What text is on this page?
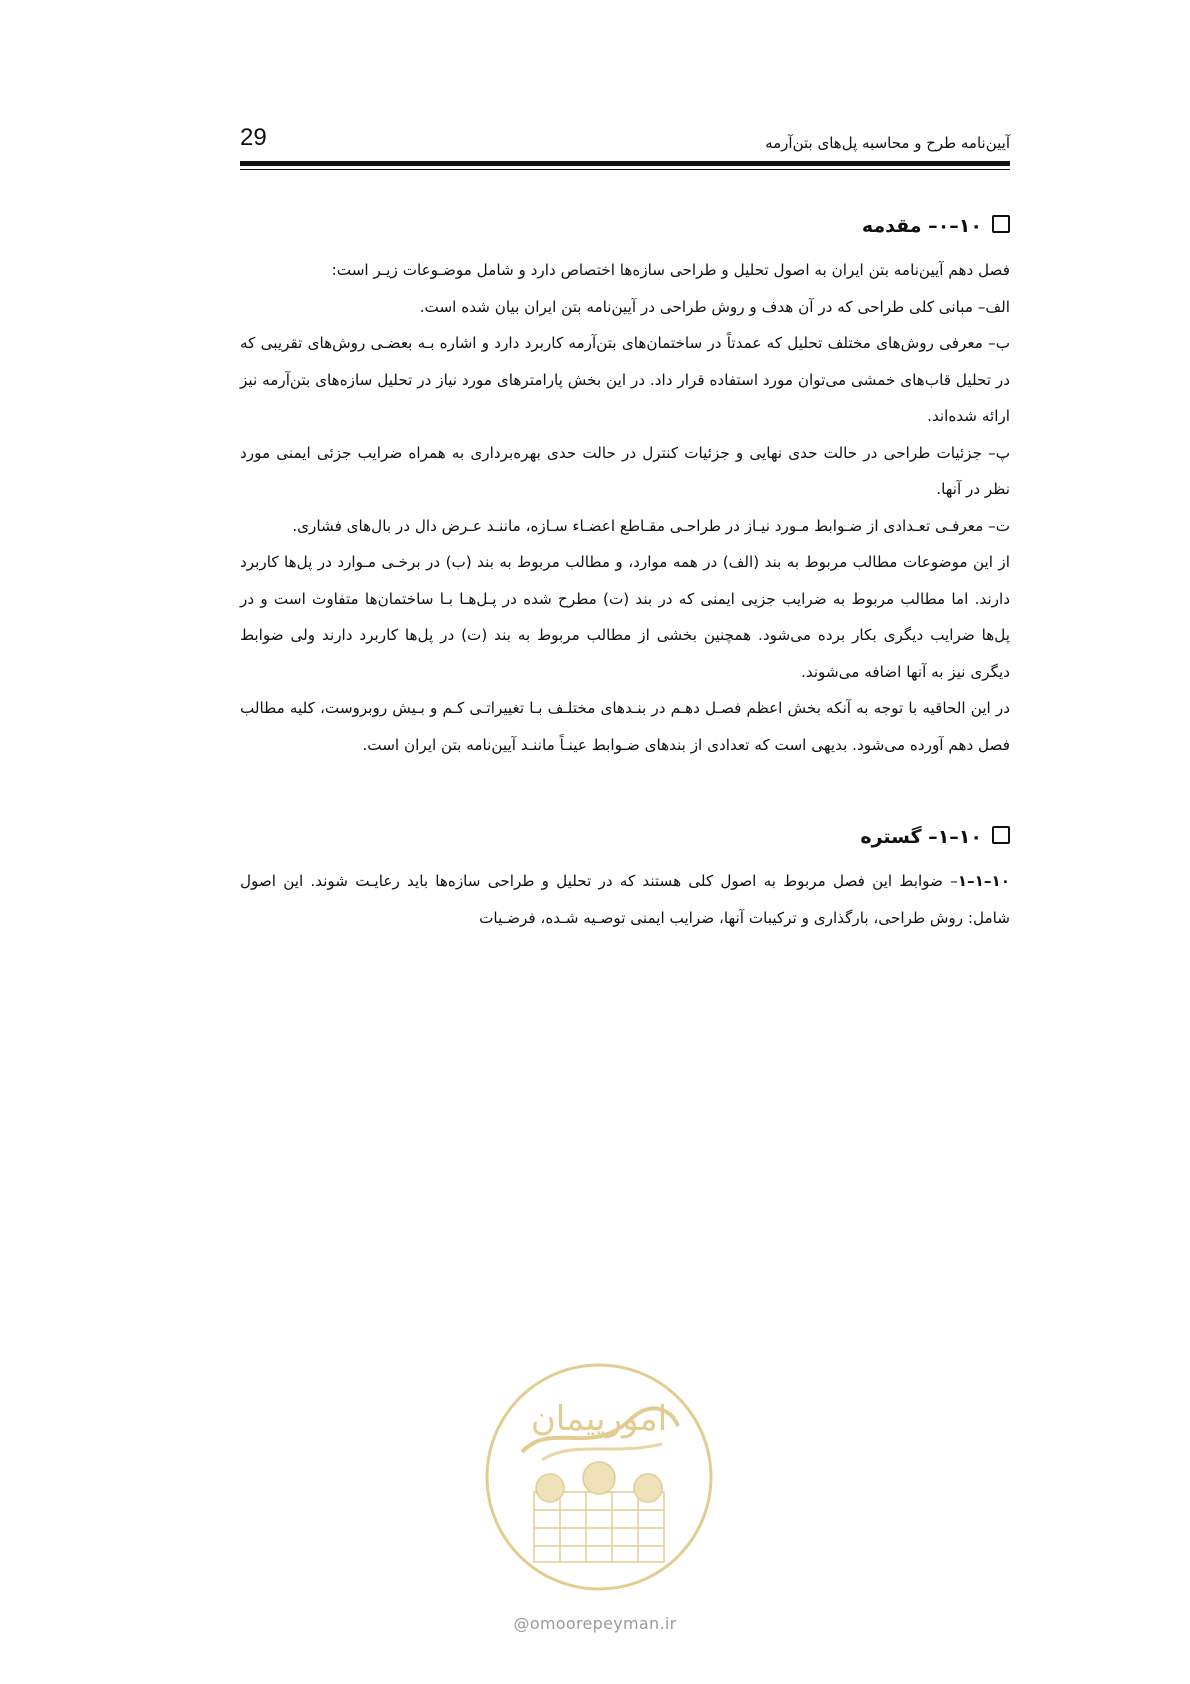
29	آیین‌نامه طرح و محاسبه پل‌های بتن‌آرمه
۱۰–۰– مقدمه

فصل دهم آیین‌نامه بتن ایران به اصول تحلیل و طراحی سازه‌ها اختصاص دارد و شامل موضـوعات زیـر است:

الف– مبانی کلی طراحی که در آن هدف و روش طراحی در آیین‌نامه بتن ایران بیان شده است.

ب– معرفی روش‌های مختلف تحلیل که عمدتاً در ساختمان‌های بتن‌آرمه کاربرد دارد و اشاره بـه بعضـی روش‌های تقریبی که در تحلیل قاب‌های خمشی می‌توان مورد استفاده قرار داد. در این بخش پارامترهای مورد نیاز در تحلیل سازه‌های بتن‌آرمه نیز ارائه شده‌اند.

پ– جزئیات طراحی در حالت حدی نهایی و جزئیات کنترل در حالت حدی بهره‌برداری به همراه ضرایب جزئی ایمنی مورد نظر در آنها.

ت– معرفـی تعـدادی از ضـوابط مـورد نیـاز در طراحـی مقـاطع اعضـاء سـازه، ماننـد عـرض دال در بال‌های فشاری.

از این موضوعات مطالب مربوط به بند (الف) در همه موارد، و مطالب مربوط به بند (ب) در برخـی مـوارد در پل‌ها کاربرد دارند. اما مطالب مربوط به ضرایب جزیی ایمنی که در بند (ت) مطرح شده در پـل‌هـا بـا ساختمان‌ها متفاوت است و در پل‌ها ضرایب دیگری بکار برده می‌شود. همچنین بخشی از مطالب مربوط به بند (ت) در پل‌ها کاربرد دارند ولی ضوابط دیگری نیز به آنها اضافه می‌شوند.

در این الحاقیه با توجه به آنکه بخش اعظم فصـل دهـم در بنـدهای مختلـف بـا تغییراتـی کـم و بـیش روبروست، کلیه مطالب فصل دهم آورده می‌شود. بدیهی است که تعدادی از بندهای ضـوابط عینـاً ماننـد آیین‌نامه بتن ایران است.

۱۰–۱– گستره

۱۰–۱–۱– ضوابط این فصل مربوط به اصول کلی هستند که در تحلیل و طراحی سازه‌ها باید رعایـت شوند. این اصول شامل: روش طراحی، بارگذاری و ترکیبات آنها، ضرایب ایمنی توصـیه شـده، فرضـیات

امورپیمان
@omoorepeyman.ir
